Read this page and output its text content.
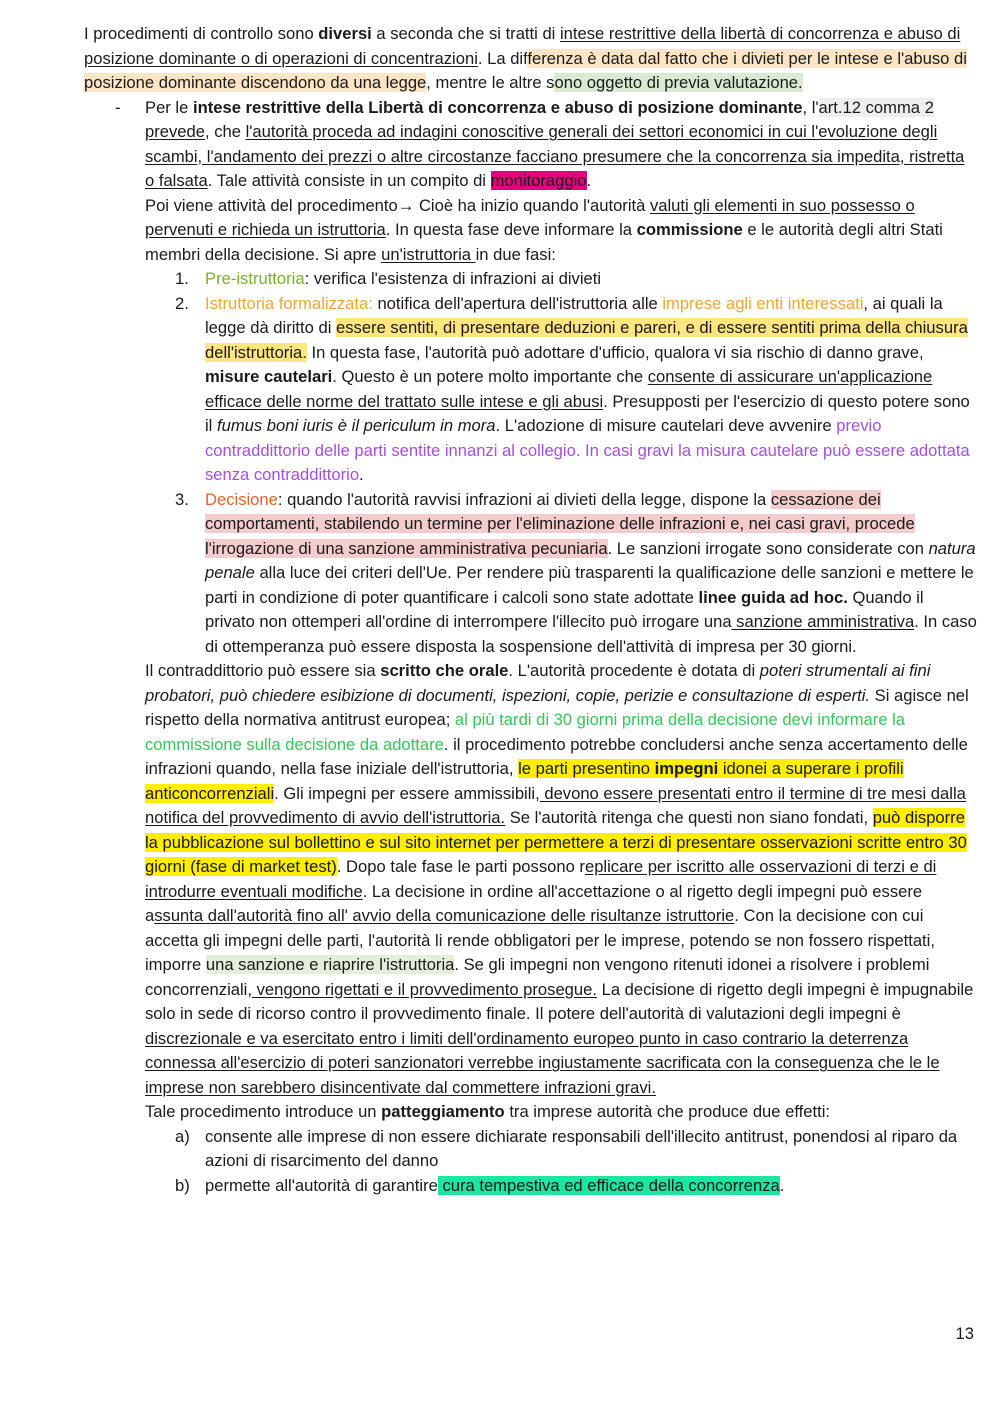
I procedimenti di controllo sono diversi a seconda che si tratti di intese restrittive della libertà di concorrenza e abuso di posizione dominante o di operazioni di concentrazioni. La differenza è data dal fatto che i divieti per le intese e l'abuso di posizione dominante discendono da una legge, mentre le altre sono oggetto di previa valutazione.

- Per le intese restrittive della Libertà di concorrenza e abuso di posizione dominante, l'art.12 comma 2 prevede, che l'autorità proceda ad indagini conoscitive generali dei settori economici in cui l'evoluzione degli scambi, l'andamento dei prezzi o altre circostanze facciano presumere che la concorrenza sia impedita, ristretta o falsata. Tale attività consiste in un compito di monitoraggio.

Poi viene attività del procedimento→ Cioè ha inizio quando l'autorità valuti gli elementi in suo possesso o pervenuti e richieda un istruttoria. In questa fase deve informare la commissione e le autorità degli altri Stati membri della decisione. Si apre un'istruttoria in due fasi:

1. Pre-istruttoria: verifica l'esistenza di infrazioni ai divieti

2. Istruttoria formalizzata: notifica dell'apertura dell'istruttoria alle imprese agli enti interessati, ai quali la legge dà diritto di essere sentiti, di presentare deduzioni e pareri, e di essere sentiti prima della chiusura dell'istruttoria. In questa fase, l'autorità può adottare d'ufficio, qualora vi sia rischio di danno grave, misure cautelari. Questo è un potere molto importante che consente di assicurare un'applicazione efficace delle norme del trattato sulle intese e gli abusi. Presupposti per l'esercizio di questo potere sono il fumus boni iuris è il periculum in mora. L'adozione di misure cautelari deve avvenire previo contraddittorio delle parti sentite innanzi al collegio. In casi gravi la misura cautelare può essere adottata senza contraddittorio.

3. Decisione: quando l'autorità ravvisi infrazioni ai divieti della legge, dispone la cessazione dei comportamenti, stabilendo un termine per l'eliminazione delle infrazioni e, nei casi gravi, procede l'irrogazione di una sanzione amministrativa pecuniaria. Le sanzioni irrogate sono considerate con natura penale alla luce dei criteri dell'Ue. Per rendere più trasparenti la qualificazione delle sanzioni e mettere le parti in condizione di poter quantificare i calcoli sono state adottate linee guida ad hoc. Quando il privato non ottemperi all'ordine di interrompere l'illecito può irrogare una sanzione amministrativa. In caso di ottemperanza può essere disposta la sospensione dell'attività di impresa per 30 giorni.

Il contraddittorio può essere sia scritto che orale. L'autorità procedente è dotata di poteri strumentali ai fini probatori, può chiedere esibizione di documenti, ispezioni, copie, perizie e consultazione di esperti. Si agisce nel rispetto della normativa antitrust europea; al più tardi di 30 giorni prima della decisione devi informare la commissione sulla decisione da adottare. il procedimento potrebbe concludersi anche senza accertamento delle infrazioni quando, nella fase iniziale dell'istruttoria, le parti presentino impegni idonei a superare i profili anticoncorrenziali. Gli impegni per essere ammissibili, devono essere presentati entro il termine di tre mesi dalla notifica del provvedimento di avvio dell'istruttoria. Se l'autorità ritenga che questi non siano fondati, può disporre la pubblicazione sul bollettino e sul sito internet per permettere a terzi di presentare osservazioni scritte entro 30 giorni (fase di market test). Dopo tale fase le parti possono replicare per iscritto alle osservazioni di terzi e di introdurre eventuali modifiche. La decisione in ordine all'accettazione o al rigetto degli impegni può essere assunta dall'autorità fino all' avvio della comunicazione delle risultanze istruttorie. Con la decisione con cui accetta gli impegni delle parti, l'autorità li rende obbligatori per le imprese, potendo se non fossero rispettati, imporre una sanzione e riaprire l'istruttoria. Se gli impegni non vengono ritenuti idonei a risolvere i problemi concorrenziali, vengono rigettati e il provvedimento prosegue. La decisione di rigetto degli impegni è impugnabile solo in sede di ricorso contro il provvedimento finale. Il potere dell'autorità di valutazioni degli impegni è discrezionale e va esercitato entro i limiti dell'ordinamento europeo punto in caso contrario la deterrenza connessa all'esercizio di poteri sanzionatori verrebbe ingiustamente sacrificata con la conseguenza che le le imprese non sarebbero disincentivate dal commettere infrazioni gravi.

Tale procedimento introduce un patteggiamento tra imprese autorità che produce due effetti:

a) consente alle imprese di non essere dichiarate responsabili dell'illecito antitrust, ponendosi al riparo da azioni di risarcimento del danno

b) permette all'autorità di garantire cura tempestiva ed efficace della concorrenza.

13
